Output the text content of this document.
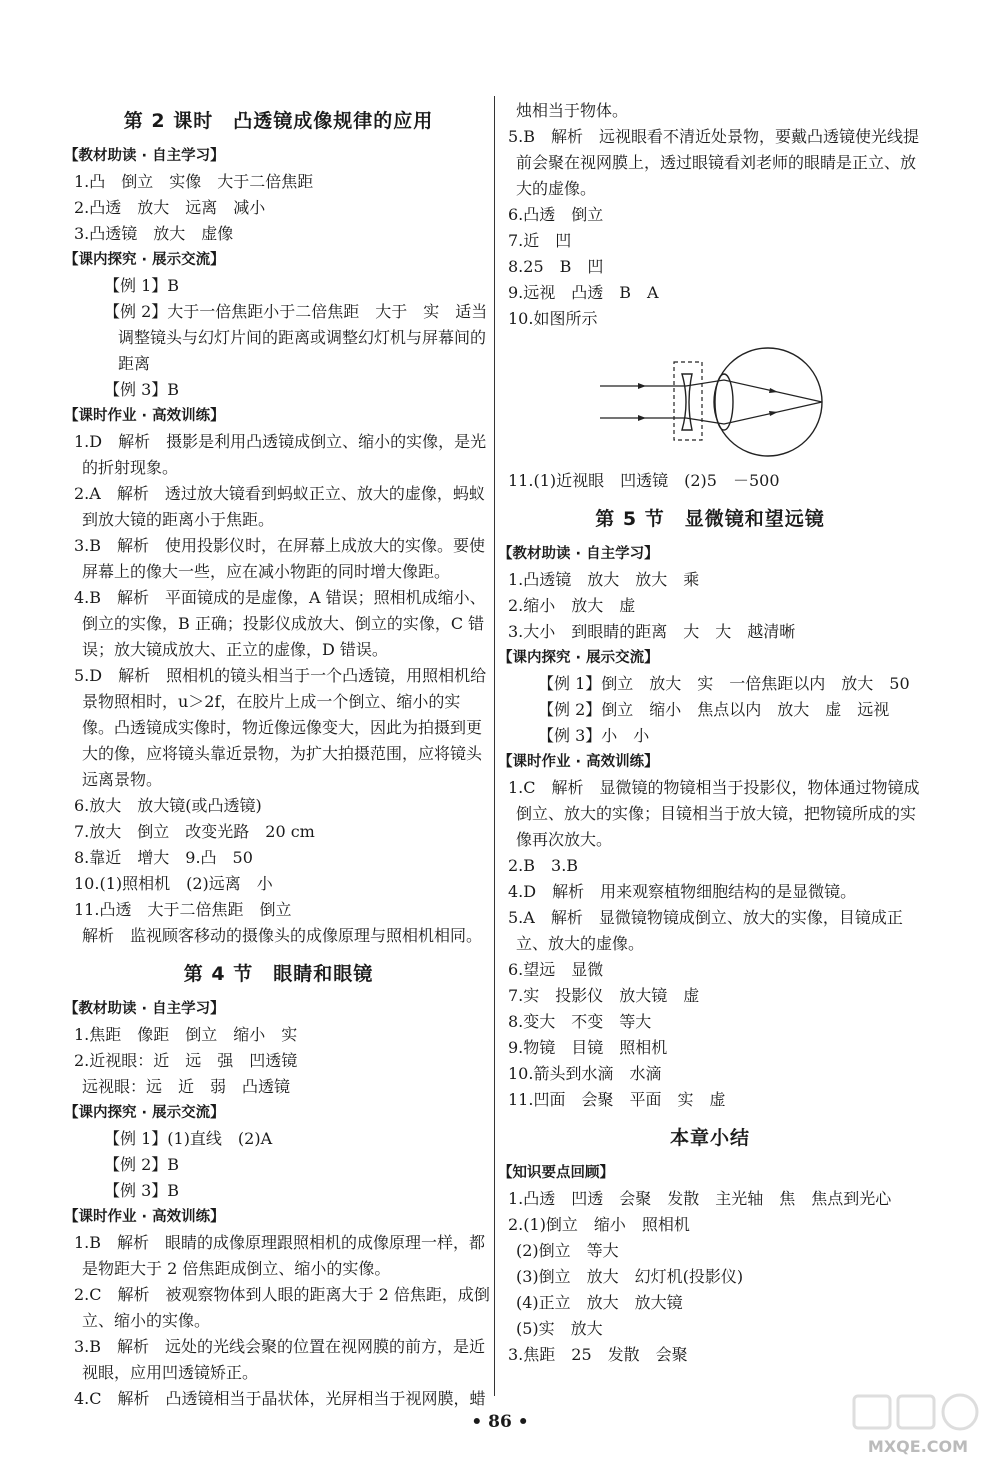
第 2 课时　凸透镜成像规律的应用
【教材助读 · 自主学习】
1.凸　倒立　实像　大于二倍焦距
2.凸透　放大　远离　减小
3.凸透镜　放大　虚像
【课内探究 · 展示交流】
【例 1】B
【例 2】大于一倍焦距小于二倍焦距　大于　实　适当调整镜头与幻灯片间的距离或调整幻灯机与屏幕间的距离
【例 3】B
【课时作业 · 高效训练】
1.D　解析　摄影是利用凸透镜成倒立、缩小的实像，是光的折射现象。
2.A　解析　透过放大镜看到蚂蚁正立、放大的虚像，蚂蚁到放大镜的距离小于焦距。
3.B　解析　使用投影仪时，在屏幕上成放大的实像。要使屏幕上的像大一些，应在减小物距的同时增大像距。
4.B　解析　平面镜成的是虚像，A 错误；照相机成缩小、倒立的实像，B 正确；投影仪成放大、倒立的实像，C 错误；放大镜成放大、正立的虚像，D 错误。
5.D　解析　照相机的镜头相当于一个凸透镜，用照相机给景物照相时，u＞2f，在胶片上成一个倒立、缩小的实像。凸透镜成实像时，物近像远像变大，因此为拍摄到更大的像，应将镜头靠近景物，为扩大拍摄范围，应将镜头远离景物。
6.放大　放大镜(或凸透镜)
7.放大　倒立　改变光路　20 cm
8.靠近　增大　9.凸　50
10.(1)照相机　(2)远离　小
11.凸透　大于二倍焦距　倒立
解析　监视顾客移动的摄像头的成像原理与照相机相同。
第 4 节　眼睛和眼镜
【教材助读 · 自主学习】
1.焦距　像距　倒立　缩小　实
2.近视眼：近　远　强　凹透镜
远视眼：远　近　弱　凸透镜
【课内探究 · 展示交流】
【例 1】(1)直线　(2)A
【例 2】B
【例 3】B
【课时作业 · 高效训练】
1.B　解析　眼睛的成像原理跟照相机的成像原理一样，都是物距大于 2 倍焦距成倒立、缩小的实像。
2.C　解析　被观察物体到人眼的距离大于 2 倍焦距，成倒立、缩小的实像。
3.B　解析　远处的光线会聚的位置在视网膜的前方，是近视眼，应用凹透镜矫正。
4.C　解析　凸透镜相当于晶状体，光屏相当于视网膜，蜡
烛相当于物体。
5.B　解析　远视眼看不清近处景物，要戴凸透镜使光线提前会聚在视网膜上，透过眼镜看刘老师的眼睛是正立、放大的虚像。
6.凸透　倒立
7.近　凹
8.25　B　凹
9.远视　凸透　B　A
10.如图所示
11.(1)近视眼　凹透镜　(2)5　－500
第 5 节　显微镜和望远镜
【教材助读 · 自主学习】
1.凸透镜　放大　放大　乘
2.缩小　放大　虚
3.大小　到眼睛的距离　大　大　越清晰
【课内探究 · 展示交流】
【例 1】倒立　放大　实　一倍焦距以内　放大　50
【例 2】倒立　缩小　焦点以内　放大　虚　远视
【例 3】小　小
【课时作业 · 高效训练】
1.C　解析　显微镜的物镜相当于投影仪，物体通过物镜成倒立、放大的实像；目镜相当于放大镜，把物镜所成的实像再次放大。
2.B　3.B
4.D　解析　用来观察植物细胞结构的是显微镜。
5.A　解析　显微镜物镜成倒立、放大的实像，目镜成正立、放大的虚像。
6.望远　显微
7.实　投影仪　放大镜　虚
8.变大　不变　等大
9.物镜　目镜　照相机
10.箭头到水滴　水滴
11.凹面　会聚　平面　实　虚
本章小结
【知识要点回顾】
1.凸透　凹透　会聚　发散　主光轴　焦　焦点到光心
2.(1)倒立　缩小　照相机
(2)倒立　等大
(3)倒立　放大　幻灯机(投影仪)
(4)正立　放大　放大镜
(5)实　放大
3.焦距　25　发散　会聚
• 86 •
MXQE.COM
